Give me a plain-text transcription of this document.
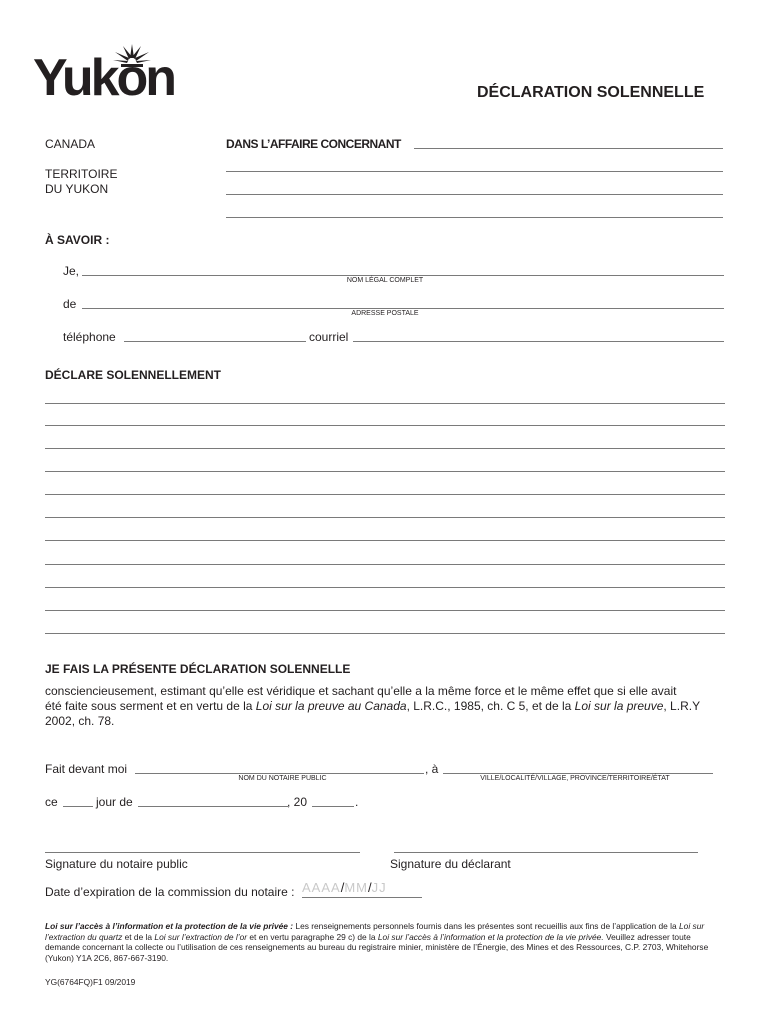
Yukon	DÉCLARATION SOLENNELLE
CANADA
TERRITOIRE
DU YUKON
DANS L’AFFAIRE CONCERNANT
À SAVOIR :
Je,
NOM LÉGAL COMPLET
de
ADRESSE POSTALE
téléphone	courriel
DÉCLARE SOLENNELLEMENT
JE FAIS LA PRÉSENTE DÉCLARATION SOLENNELLE
consciencieusement, estimant qu’elle est véridique et sachant qu’elle a la même force et le même effet que si elle avait
été faite sous serment et en vertu de la Loi sur la preuve au Canada, L.R.C., 1985, ch. C 5, et de la Loi sur la preuve, L.R.Y
2002, ch. 78.
Fait devant moi	, à
NOM DU NOTAIRE PUBLIC	VILLE/LOCALITÉ/VILLAGE, PROVINCE/TERRITOIRE/ÉTAT
ce	jour de	, 20	.
Signature du notaire public	Signature du déclarant
Date d’expiration de la commission du notaire : AAAA/MM/JJ
Loi sur l’accès à l’information et la protection de la vie privée : Les renseignements personnels fournis dans les présentes sont recueillis aux fins de l’application de la Loi sur l’extraction du quartz et de la Loi sur l’extraction de l’or et en vertu paragraphe 29 c) de la Loi sur l’accès à l’information et la protection de la vie privée. Veuillez adresser toute demande concernant la collecte ou l’utilisation de ces renseignements au bureau du registraire minier, ministère de l’Énergie, des Mines et des Ressources, C.P. 2703, Whitehorse (Yukon) Y1A 2C6, 867-667-3190.
YG(6764FQ)F1 09/2019
